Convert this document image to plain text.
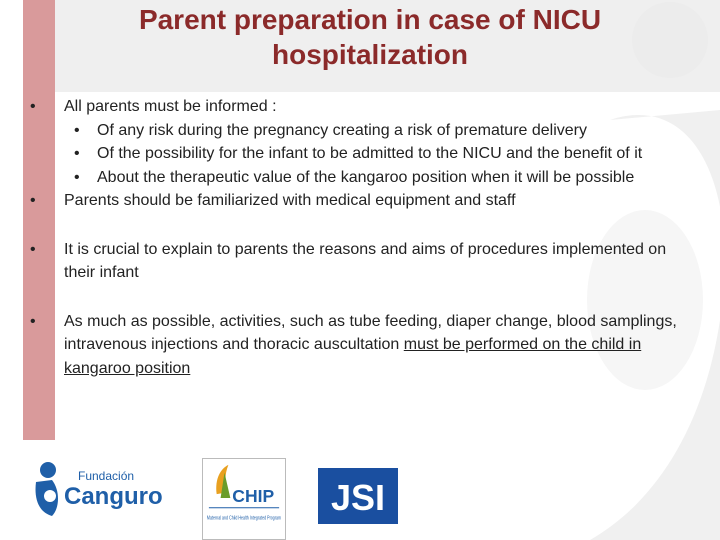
Parent preparation in case of NICU
hospitalization
• All parents must be informed :
• Of any risk during the pregnancy creating a risk of premature delivery
• Of the possibility for the infant to be admitted to the NICU and the benefit of it
• About the therapeutic value of the kangaroo position when it will be possible
• Parents should be familiarized with medical equipment and staff
• It is crucial to explain to parents the reasons and aims of procedures implemented on their infant
• As much as possible, activities, such as tube feeding, diaper change, blood samplings, intravenous injections and thoracic auscultation must be performed on the child in kangaroo position
Fundación
Canguro	CHIP
Maternal and Child Health Integrated Program
JSI
